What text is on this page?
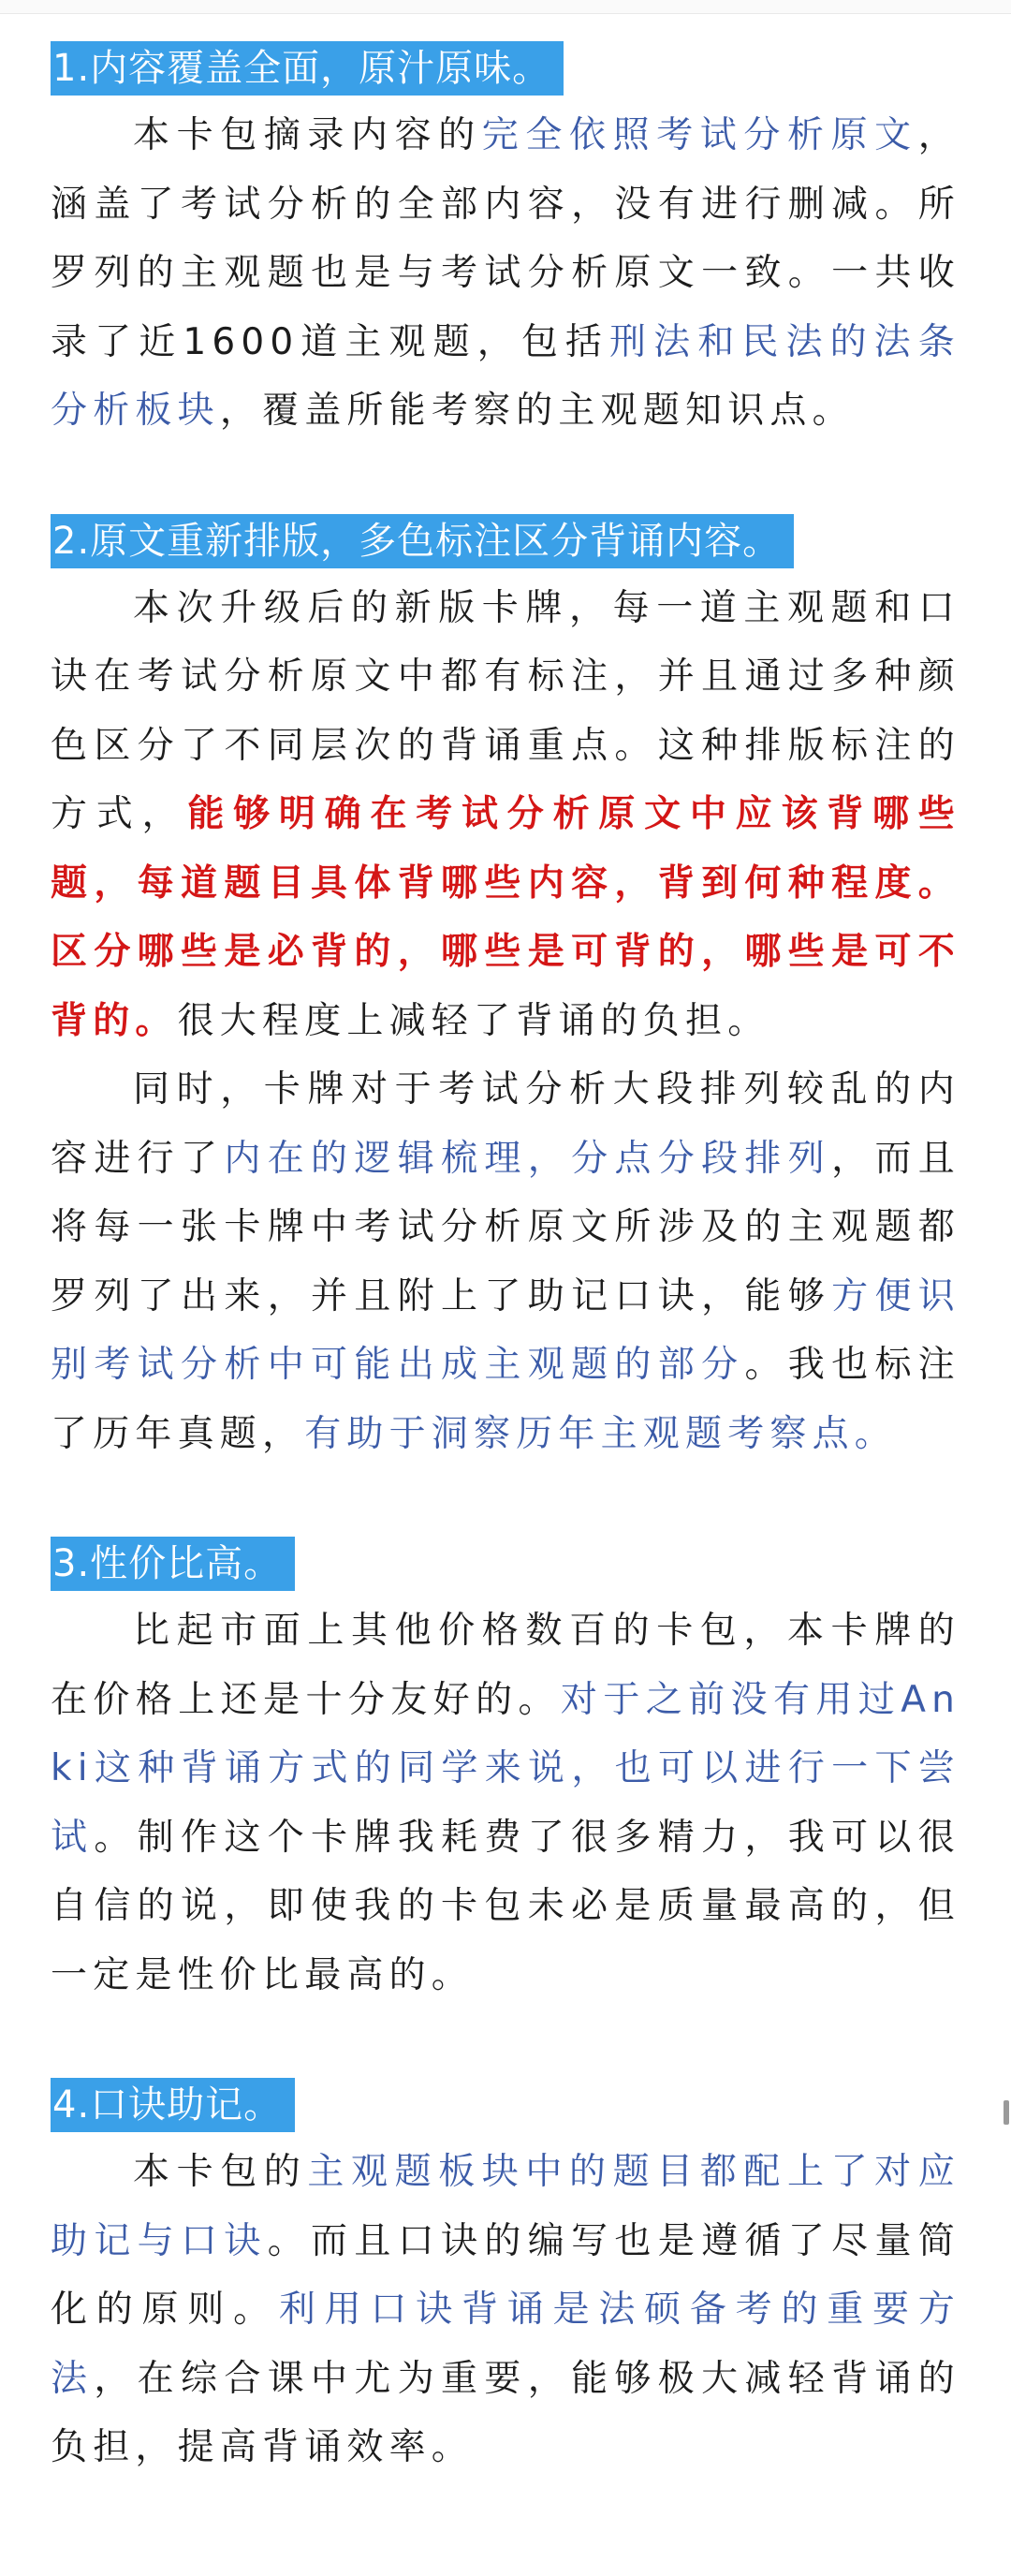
1.内容覆盖全面，原汁原味。

本卡包摘录内容的完全依照考试分析原文，涵盖了考试分析的全部内容，没有进行删减。所罗列的主观题也是与考试分析原文一致。一共收录了近1600道主观题，包括刑法和民法的法条分析板块，覆盖所能考察的主观题知识点。

2.原文重新排版，多色标注区分背诵内容。

本次升级后的新版卡牌，每一道主观题和口诀在考试分析原文中都有标注，并且通过多种颜色区分了不同层次的背诵重点。这种排版标注的方式，能够明确在考试分析原文中应该背哪些题，每道题目具体背哪些内容，背到何种程度。区分哪些是必背的，哪些是可背的，哪些是可不背的。很大程度上减轻了背诵的负担。

同时，卡牌对于考试分析大段排列较乱的内容进行了内在的逻辑梳理，分点分段排列，而且将每一张卡牌中考试分析原文所涉及的主观题都罗列了出来，并且附上了助记口诀，能够方便识别考试分析中可能出成主观题的部分。我也标注了历年真题，有助于洞察历年主观题考察点。

3.性价比高。

比起市面上其他价格数百的卡包，本卡牌的在价格上还是十分友好的。对于之前没有用过Anki这种背诵方式的同学来说，也可以进行一下尝试。制作这个卡牌我耗费了很多精力，我可以很自信的说，即使我的卡包未必是质量最高的，但一定是性价比最高的。

4.口诀助记。

本卡包的主观题板块中的题目都配上了对应助记与口诀。而且口诀的编写也是遵循了尽量简化的原则。利用口诀背诵是法硕备考的重要方法，在综合课中尤为重要，能够极大减轻背诵的负担，提高背诵效率。
